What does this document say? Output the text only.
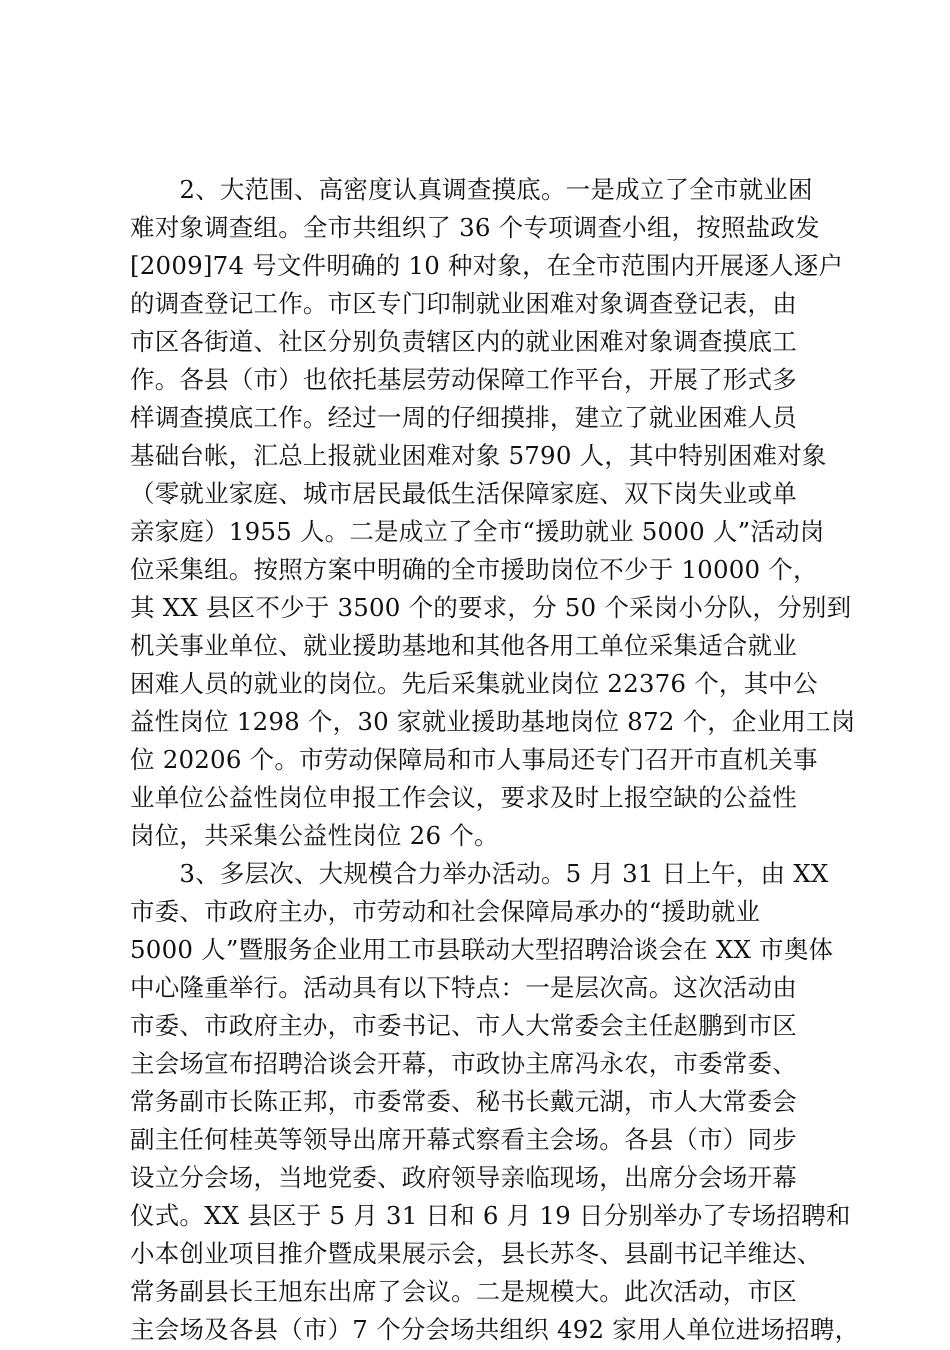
　　2、大范围、高密度认真调查摸底。一是成立了全市就业困
难对象调查组。全市共组织了 36 个专项调查小组，按照盐政发
[2009]74 号文件明确的 10 种对象，在全市范围内开展逐人逐户
的调查登记工作。市区专门印制就业困难对象调查登记表，由
市区各街道、社区分别负责辖区内的就业困难对象调查摸底工
作。各县（市）也依托基层劳动保障工作平台，开展了形式多
样调查摸底工作。经过一周的仔细摸排，建立了就业困难人员
基础台帐，汇总上报就业困难对象 5790 人，其中特别困难对象
（零就业家庭、城市居民最低生活保障家庭、双下岗失业或单
亲家庭）1955 人。二是成立了全市“援助就业 5000 人”活动岗
位采集组。按照方案中明确的全市援助岗位不少于 10000 个，
其 XX 县区不少于 3500 个的要求，分 50 个采岗小分队，分别到
机关事业单位、就业援助基地和其他各用工单位采集适合就业
困难人员的就业的岗位。先后采集就业岗位 22376 个，其中公
益性岗位 1298 个，30 家就业援助基地岗位 872 个，企业用工岗
位 20206 个。市劳动保障局和市人事局还专门召开市直机关事
业单位公益性岗位申报工作会议，要求及时上报空缺的公益性
岗位，共采集公益性岗位 26 个。
　　3、多层次、大规模合力举办活动。5 月 31 日上午，由 XX
市委、市政府主办，市劳动和社会保障局承办的“援助就业
5000 人”暨服务企业用工市县联动大型招聘洽谈会在 XX 市奥体
中心隆重举行。活动具有以下特点：一是层次高。这次活动由
市委、市政府主办，市委书记、市人大常委会主任赵鹏到市区
主会场宣布招聘洽谈会开幕，市政协主席冯永农，市委常委、
常务副市长陈正邦，市委常委、秘书长戴元湖，市人大常委会
副主任何桂英等领导出席开幕式察看主会场。各县（市）同步
设立分会场，当地党委、政府领导亲临现场，出席分会场开幕
仪式。XX 县区于 5 月 31 日和 6 月 19 日分别举办了专场招聘和
小本创业项目推介暨成果展示会，县长苏冬、县副书记羊维达、
常务副县长王旭东出席了会议。二是规模大。此次活动，市区
主会场及各县（市）7 个分会场共组织 492 家用人单位进场招聘，
